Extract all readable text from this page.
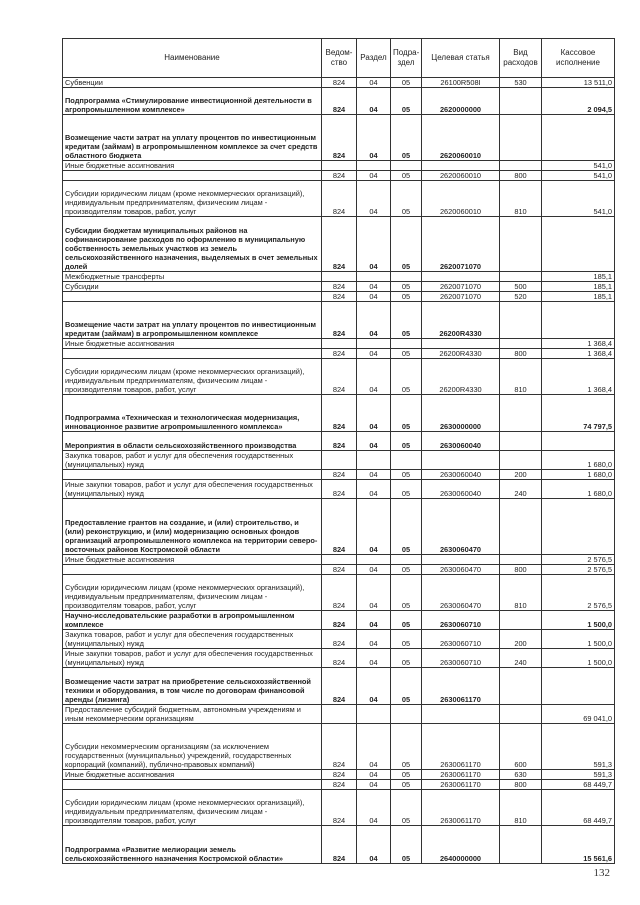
Наименование	Ведом-ство	Раздел	Подра-здел	Целевая статья	Вид расходов	Кассовое исполнение
Субвенции	824	04	05	26100R508I	530	13 511,0
Подпрограмма «Стимулирование инвестиционной деятельности в агропромышленном комплексе»	824	04	05	2620000000		2 094,5
Возмещение части затрат на уплату процентов по инвестиционным кредитам (займам) в агропромышленном комплексе за счет средств областного бюджета	824	04	05	2620060010		
Иные бюджетные ассигнования						541,0
	824	04	05	2620060010	800	541,0
Субсидии юридическим лицам (кроме некоммерческих организаций), индивидуальным предпринимателям, физическим лицам - производителям товаров, работ, услуг	824	04	05	2620060010	810	541,0
Субсидии бюджетам муниципальных районов на софинансирование расходов по оформлению в муниципальную собственность земельных участков из земель сельскохозяйственного назначения, выделяемых в счет земельных долей	824	04	05	2620071070		
Межбюджетные трансферты						185,1
Субсидии	824	04	05	2620071070	500	185,1
	824	04	05	2620071070	520	185,1
Возмещение части затрат на уплату процентов по инвестиционным кредитам (займам) в агропромышленном комплексе	824	04	05	26200R4330		
Иные бюджетные ассигнования						1 368,4
	824	04	05	26200R4330	800	1 368,4
Субсидии юридическим лицам (кроме некоммерческих организаций), индивидуальным предпринимателям, физическим лицам - производителям товаров, работ, услуг	824	04	05	26200R4330	810	1 368,4
Подпрограмма «Техническая и технологическая модернизация, инновационное развитие агропромышленного комплекса»	824	04	05	2630000000		74 797,5
Мероприятия в области сельскохозяйственного производства	824	04	05	2630060040		
Закупка товаров, работ и услуг для обеспечения государственных (муниципальных) нужд						1 680,0
	824	04	05	2630060040	200	1 680,0
Иные закупки товаров, работ и услуг для обеспечения государственных (муниципальных) нужд	824	04	05	2630060040	240	1 680,0
Предоставление грантов на создание, и (или) строительство, и (или) реконструкцию, и (или) модернизацию основных фондов организаций агропромышленного комплекса на территории северо-восточных районов Костромской области	824	04	05	2630060470		
Иные бюджетные ассигнования						2 576,5
	824	04	05	2630060470	800	2 576,5
Субсидии юридическим лицам (кроме некоммерческих организаций), индивидуальным предпринимателям, физическим лицам - производителям товаров, работ, услуг	824	04	05	2630060470	810	2 576,5
Научно-исследовательские разработки в агропромышленном комплексе	824	04	05	2630060710		1 500,0
Закупка товаров, работ и услуг для обеспечения государственных (муниципальных) нужд	824	04	05	2630060710	200	1 500,0
Иные закупки товаров, работ и услуг для обеспечения государственных (муниципальных) нужд	824	04	05	2630060710	240	1 500,0
Возмещение части затрат на приобретение сельскохозяйственной техники и оборудования, в том числе по договорам финансовой аренды (лизинга)	824	04	05	2630061170		
Предоставление субсидий бюджетным, автономным учреждениям и иным некоммерческим организациям						69 041,0
Субсидии некоммерческим организациям (за исключением государственных (муниципальных) учреждений, государственных корпораций (компаний), публично-правовых компаний)	824	04	05	2630061170	600	591,3
Иные бюджетные ассигнования	824	04	05	2630061170	630	591,3
	824	04	05	2630061170	800	68 449,7
Субсидии юридическим лицам (кроме некоммерческих организаций), индивидуальным предпринимателям, физическим лицам - производителям товаров, работ, услуг	824	04	05	2630061170	810	68 449,7
Подпрограмма «Развитие мелиорации земель сельскохозяйственного назначения Костромской области»	824	04	05	2640000000		15 561,6
132
